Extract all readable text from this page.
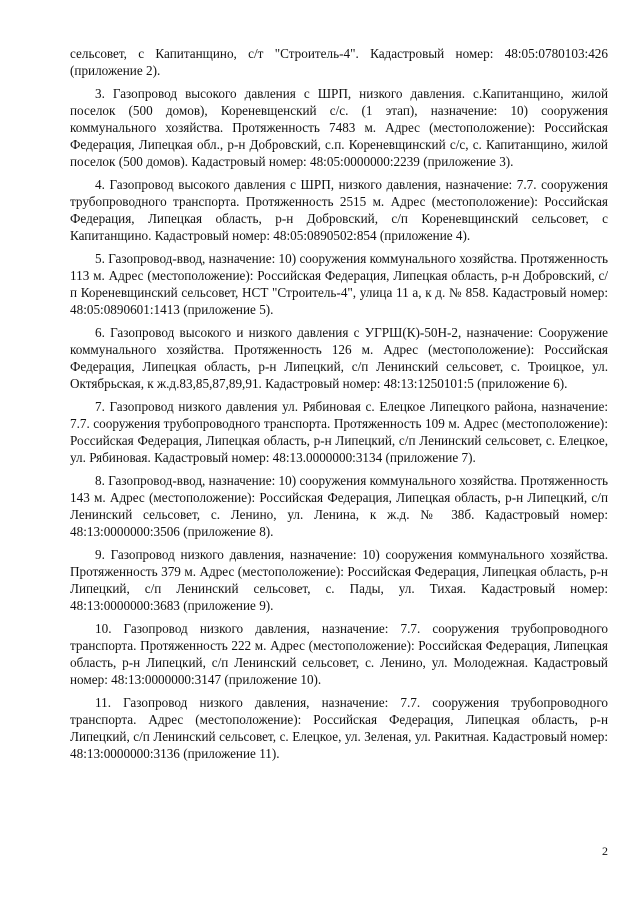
сельсовет, с Капитанщино, с/т "Строитель-4". Кадастровый номер: 48:05:0780103:426 (приложение 2).

3. Газопровод высокого давления с ШРП, низкого давления. с.Капитанщино, жилой поселок (500 домов), Кореневщенский с/с. (1 этап), назначение: 10) сооружения коммунального хозяйства. Протяженность 7483 м. Адрес (местоположение): Российская Федерация, Липецкая обл., р-н Добровский, с.п. Кореневщинский с/с, с. Капитанщино, жилой поселок (500 домов). Кадастровый номер: 48:05:0000000:2239 (приложение 3).

4. Газопровод высокого давления с ШРП, низкого давления, назначение: 7.7. сооружения трубопроводного транспорта. Протяженность 2515 м. Адрес (местоположение): Российская Федерация, Липецкая область, р-н Добровский, с/п Кореневщинский сельсовет, с Капитанщино. Кадастровый номер: 48:05:0890502:854 (приложение 4).

5. Газопровод-ввод, назначение: 10) сооружения коммунального хозяйства. Протяженность 113 м. Адрес (местоположение): Российская Федерация, Липецкая область, р-н Добровский, с/п Кореневщинский сельсовет, НСТ "Строитель-4", улица 11 а, к д. № 858. Кадастровый номер: 48:05:0890601:1413 (приложение 5).

6. Газопровод высокого и низкого давления с УГРШ(К)-50Н-2, назначение: Сооружение коммунального хозяйства. Протяженность 126 м. Адрес (местоположение): Российская Федерация, Липецкая область, р-н Липецкий, с/п Ленинский сельсовет, с. Троицкое, ул. Октябрьская, к ж.д.83,85,87,89,91. Кадастровый номер: 48:13:1250101:5 (приложение 6).

7. Газопровод низкого давления ул. Рябиновая с. Елецкое Липецкого района, назначение: 7.7. сооружения трубопроводного транспорта. Протяженность 109 м. Адрес (местоположение): Российская Федерация, Липецкая область, р-н Липецкий, с/п Ленинский сельсовет, с. Елецкое, ул. Рябиновая. Кадастровый номер: 48:13.0000000:3134 (приложение 7).

8. Газопровод-ввод, назначение: 10) сооружения коммунального хозяйства. Протяженность 143 м. Адрес (местоположение): Российская Федерация, Липецкая область, р-н Липецкий, с/п Ленинский сельсовет, с. Ленино, ул. Ленина, к ж.д. № 38б. Кадастровый номер: 48:13:0000000:3506 (приложение 8).

9. Газопровод низкого давления, назначение: 10) сооружения коммунального хозяйства. Протяженность 379 м. Адрес (местоположение): Российская Федерация, Липецкая область, р-н Липецкий, с/п Ленинский сельсовет, с. Пады, ул. Тихая. Кадастровый номер: 48:13:0000000:3683 (приложение 9).

10. Газопровод низкого давления, назначение: 7.7. сооружения трубопроводного транспорта. Протяженность 222 м. Адрес (местоположение): Российская Федерация, Липецкая область, р-н Липецкий, с/п Ленинский сельсовет, с. Ленино, ул. Молодежная. Кадастровый номер: 48:13:0000000:3147 (приложение 10).

11. Газопровод низкого давления, назначение: 7.7. сооружения трубопроводного транспорта. Адрес (местоположение): Российская Федерация, Липецкая область, р-н Липецкий, с/п Ленинский сельсовет, с. Елецкое, ул. Зеленая, ул. Ракитная. Кадастровый номер: 48:13:0000000:3136 (приложение 11).

2
